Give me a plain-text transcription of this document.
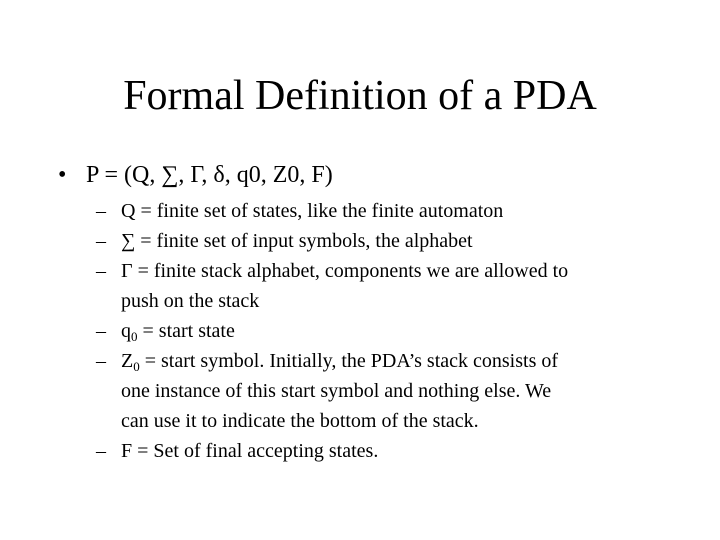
Formal Definition of a PDA
• P = (Q, ∑, Γ, δ, q0, Z0, F)
– Q = finite set of states, like the finite automaton
– ∑ = finite set of input symbols, the alphabet
– Γ = finite stack alphabet, components we are allowed to
push on the stack
– $q_0$ = start state
– $Z_0$ = start symbol. Initially, the PDA’s stack consists of
one instance of this start symbol and nothing else. We
can use it to indicate the bottom of the stack.
– F = Set of final accepting states.
